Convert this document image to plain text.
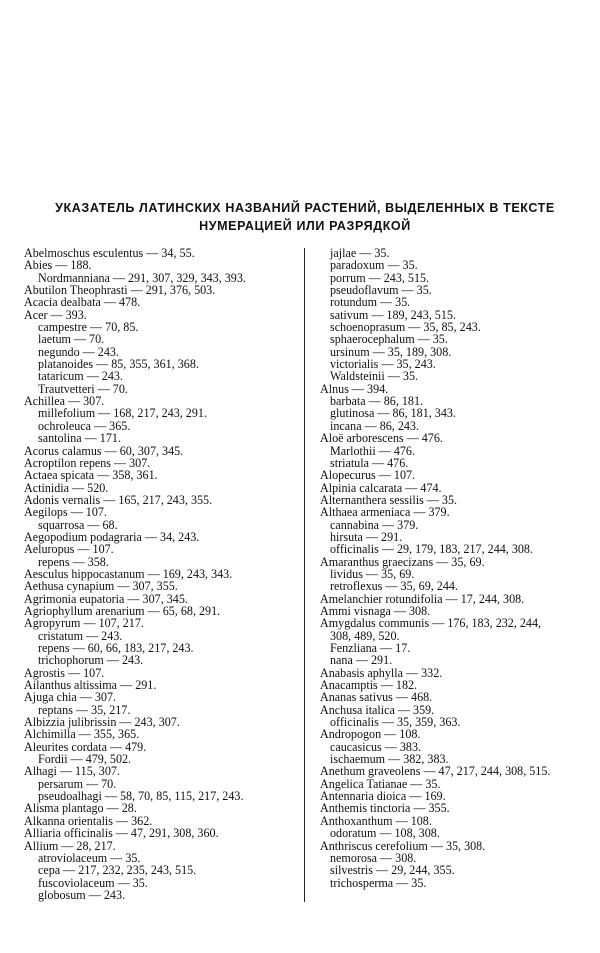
УКАЗАТЕЛЬ ЛАТИНСКИХ НАЗВАНИЙ РАСТЕНИЙ, ВЫДЕЛЕННЫХ В ТЕКСТЕ
НУМЕРАЦИЕЙ ИЛИ РАЗРЯДКОЙ
Abelmoschus esculentus — 34, 55.
Abies — 188.
Nordmanniana — 291, 307, 329, 343, 393.
Abutilon Theophrasti — 291, 376, 503.
Acacia dealbata — 478.
Acer — 393.
campestre — 70, 85.
laetum — 70.
negundo — 243.
platanoides — 85, 355, 361, 368.
tataricum — 243.
Trautvetteri — 70.
Achillea — 307.
millefolium — 168, 217, 243, 291.
ochroleuca — 365.
santolina — 171.
Acorus calamus — 60, 307, 345.
Acroptilon repens — 307.
Actaea spicata — 358, 361.
Actinidia — 520.
Adonis vernalis — 165, 217, 243, 355.
Aegilops — 107.
squarrosa — 68.
Aegopodium podagraria — 34, 243.
Aeluropus — 107.
repens — 358.
Aesculus hippocastanum — 169, 243, 343.
Aethusa cynapium — 307, 355.
Agrimonia eupatoria — 307, 345.
Agriophyllum arenarium — 65, 68, 291.
Agropyrum — 107, 217.
cristatum — 243.
repens — 60, 66, 183, 217, 243.
trichophorum — 243.
Agrostis — 107.
Ailanthus altissima — 291.
Ajuga chia — 307.
reptans — 35, 217.
Albizzia julibrissin — 243, 307.
Alchimilla — 355, 365.
Aleurites cordata — 479.
Fordii — 479, 502.
Alhagi — 115, 307.
persarum — 70.
pseudoalhagi — 58, 70, 85, 115, 217, 243.
Alisma plantago — 28.
Alkanna orientalis — 362.
Alliaria officinalis — 47, 291, 308, 360.
Allium — 28, 217.
atroviolaceum — 35.
cepa — 217, 232, 235, 243, 515.
fuscoviolaceum — 35.
globosum — 243.
jajlae — 35.
paradoxum — 35.
porrum — 243, 515.
pseudoflavum — 35.
rotundum — 35.
sativum — 189, 243, 515.
schoenoprasum — 35, 85, 243.
sphaerocephalum — 35.
ursinum — 35, 189, 308.
victorialis — 35, 243.
Waldsteinii — 35.
Alnus — 394.
barbata — 86, 181.
glutinosa — 86, 181, 343.
incana — 86, 243.
Aloë arborescens — 476.
Marlothii — 476.
striatula — 476.
Alopecurus — 107.
Alpinia calcarata — 474.
Alternanthera sessilis — 35.
Althaea armeniaca — 379.
cannabina — 379.
hirsuta — 291.
officinalis — 29, 179, 183, 217, 244, 308.
Amaranthus graecizans — 35, 69.
lividus — 35, 69.
retroflexus — 35, 69, 244.
Amelanchier rotundifolia — 17, 244, 308.
Ammi visnaga — 308.
Amygdalus communis — 176, 183, 232, 244,
308, 489, 520.
Fenzliana — 17.
nana — 291.
Anabasis aphylla — 332.
Anacamptis — 182.
Ananas sativus — 468.
Anchusa italica — 359.
officinalis — 35, 359, 363.
Andropogon — 108.
caucasicus — 383.
ischaemum — 382, 383.
Anethum graveolens — 47, 217, 244, 308, 515.
Angelica Tatianae — 35.
Antennaria dioica — 169.
Anthemis tinctoria — 355.
Anthoxanthum — 108.
odoratum — 108, 308.
Anthriscus cerefolium — 35, 308.
nemorosa — 308.
silvestris — 29, 244, 355.
trichosperma — 35.
